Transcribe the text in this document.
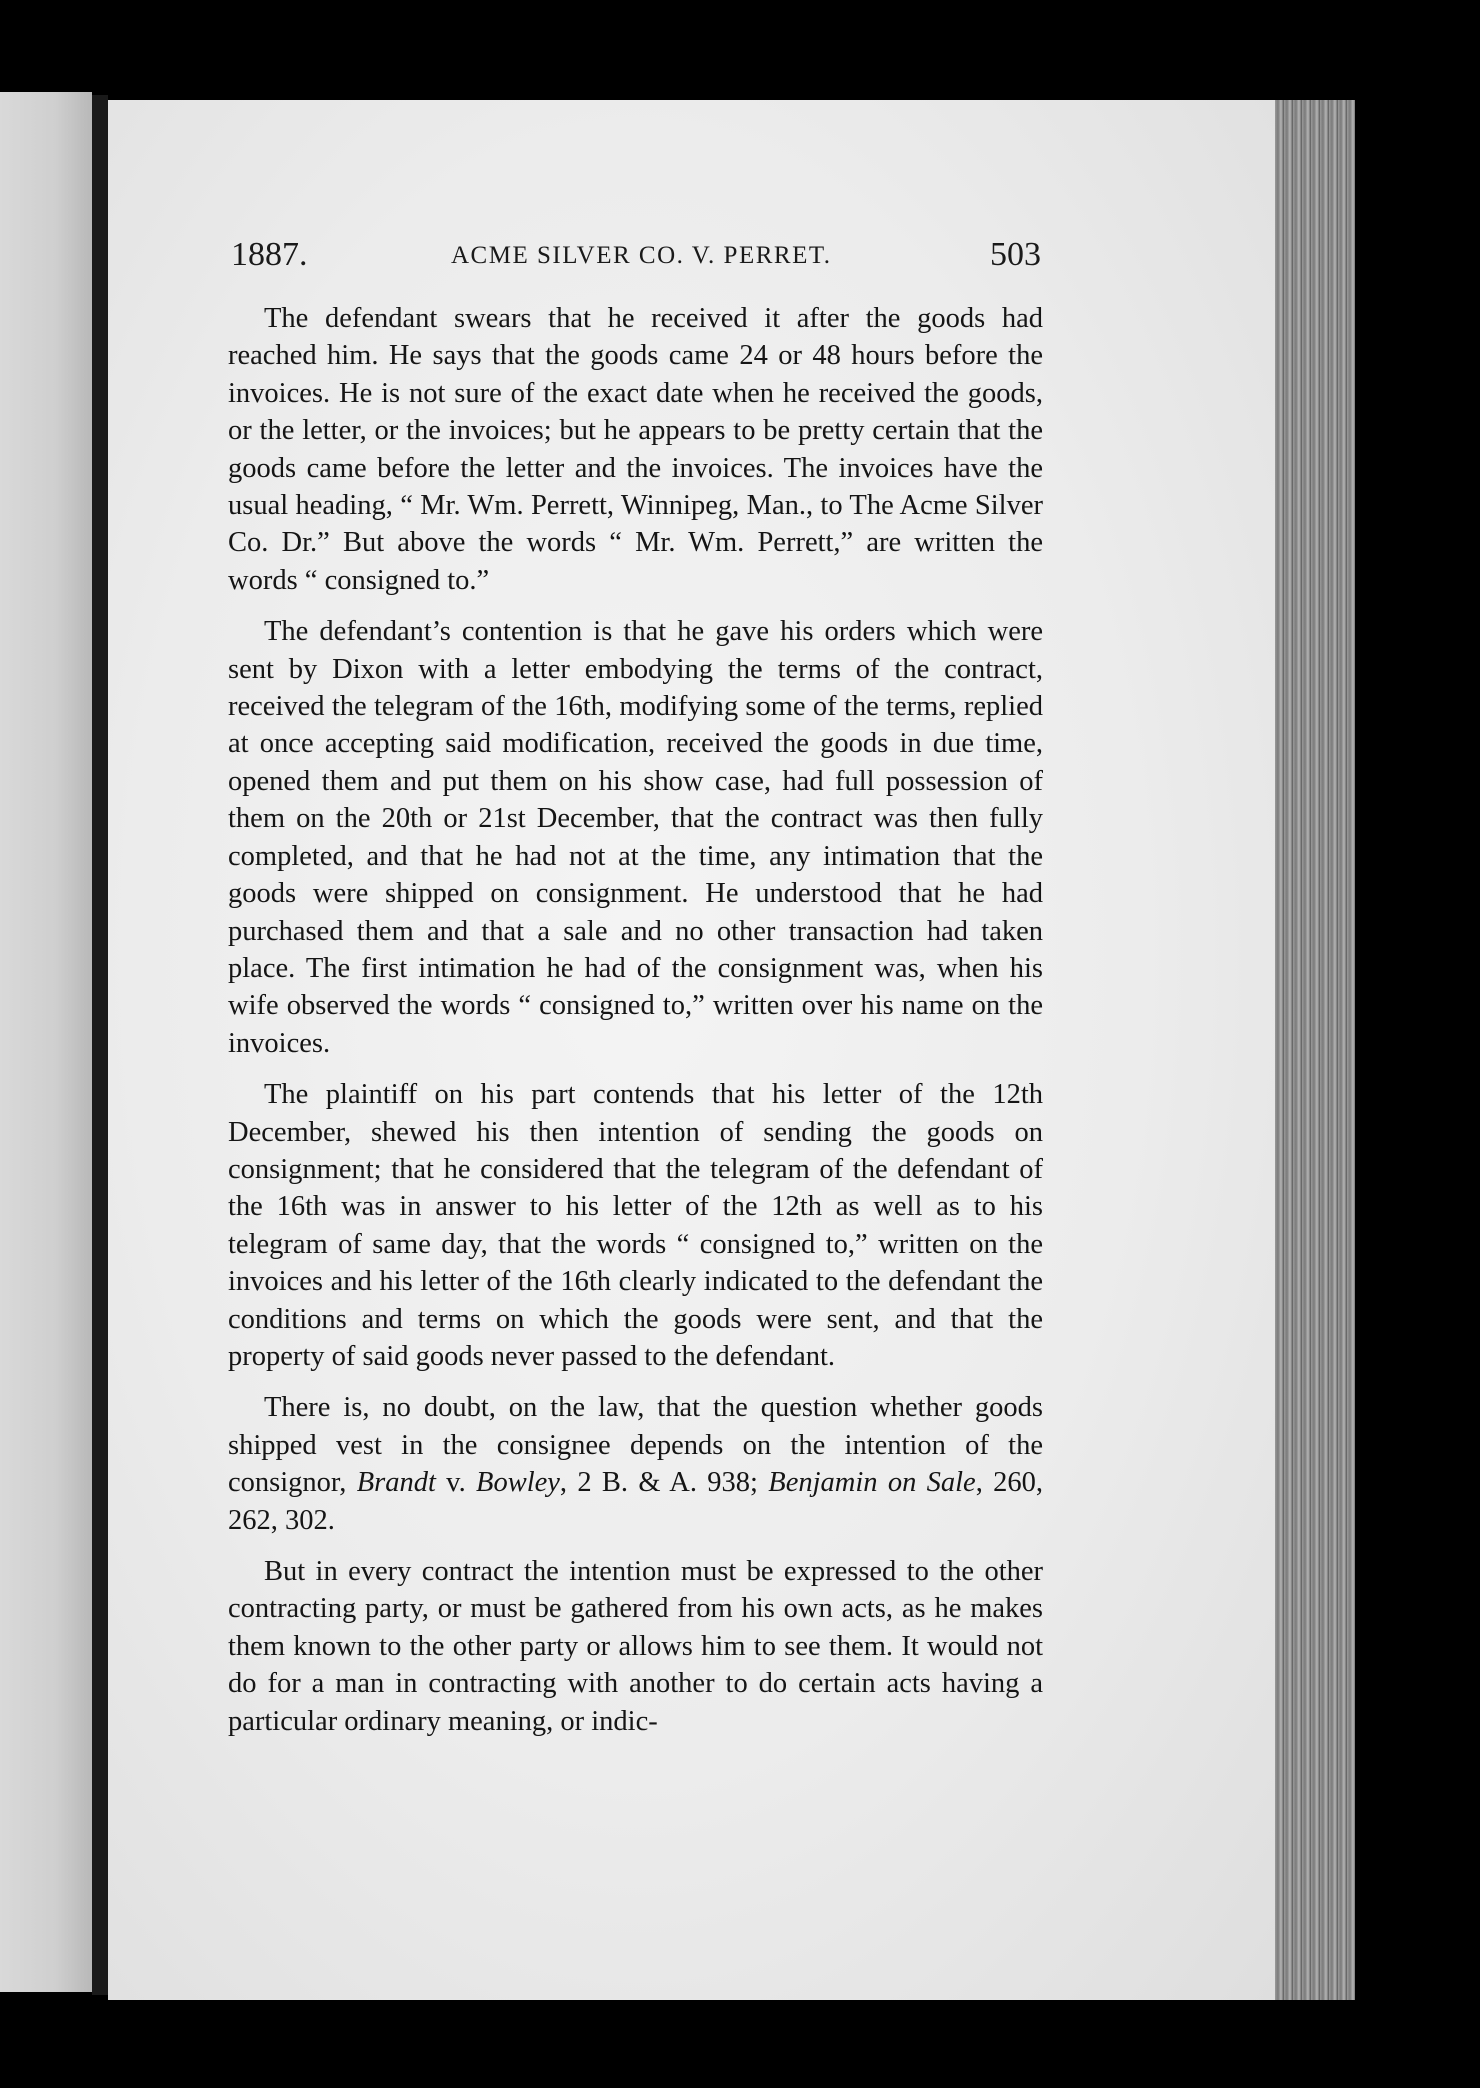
1887.	ACME SILVER CO. V. PERRET.	503

The defendant swears that he received it after the goods had reached him. He says that the goods came 24 or 48 hours before the invoices. He is not sure of the exact date when he received the goods, or the letter, or the invoices; but he appears to be pretty certain that the goods came before the letter and the invoices. The invoices have the usual heading, “ Mr. Wm. Perrett, Winnipeg, Man., to The Acme Silver Co. Dr.” But above the words “ Mr. Wm. Perrett,” are written the words “ consigned to.”

The defendant’s contention is that he gave his orders which were sent by Dixon with a letter embodying the terms of the contract, received the telegram of the 16th, modifying some of the terms, replied at once accepting said modification, received the goods in due time, opened them and put them on his show case, had full possession of them on the 20th or 21st December, that the contract was then fully completed, and that he had not at the time, any intimation that the goods were shipped on consignment. He understood that he had purchased them and that a sale and no other transaction had taken place. The first intimation he had of the consignment was, when his wife observed the words “ consigned to,” written over his name on the invoices.

The plaintiff on his part contends that his letter of the 12th December, shewed his then intention of sending the goods on consignment; that he considered that the telegram of the defendant of the 16th was in answer to his letter of the 12th as well as to his telegram of same day, that the words “ consigned to,” written on the invoices and his letter of the 16th clearly indicated to the defendant the conditions and terms on which the goods were sent, and that the property of said goods never passed to the defendant.

There is, no doubt, on the law, that the question whether goods shipped vest in the consignee depends on the intention of the consignor, Brandt v. Bowley, 2 B. & A. 938; Benjamin on Sale, 260, 262, 302.

But in every contract the intention must be expressed to the other contracting party, or must be gathered from his own acts, as he makes them known to the other party or allows him to see them. It would not do for a man in contracting with another to do certain acts having a particular ordinary meaning, or indic-
